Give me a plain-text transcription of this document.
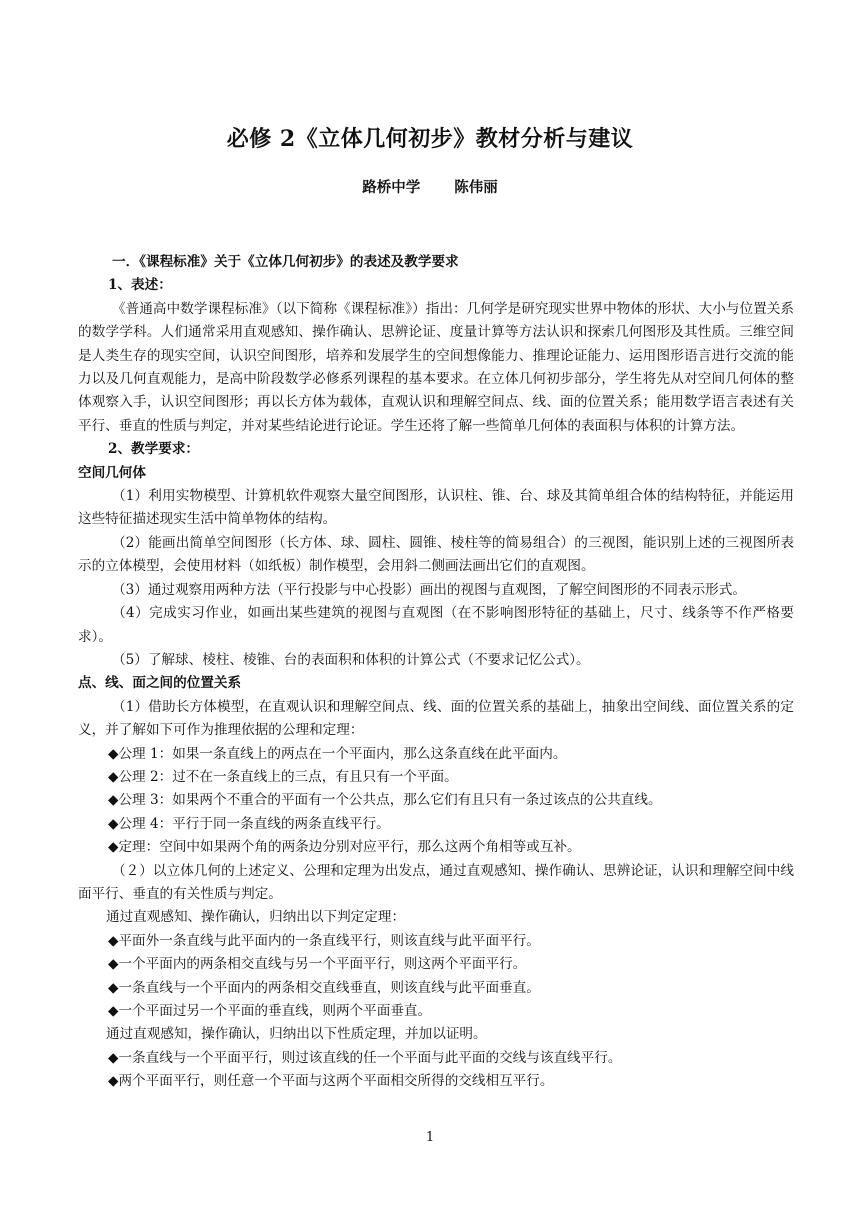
必修 2《立体几何初步》教材分析与建议
路桥中学 陈伟丽

一．《课程标准》关于《立体几何初步》的表述及教学要求

1、表述：

《普通高中数学课程标准》（以下简称《课程标准》）指出：几何学是研究现实世界中物体的形状、大小与位置关系的数学学科。人们通常采用直观感知、操作确认、思辨论证、度量计算等方法认识和探索几何图形及其性质。三维空间是人类生存的现实空间，认识空间图形，培养和发展学生的空间想像能力、推理论证能力、运用图形语言进行交流的能力以及几何直观能力，是高中阶段数学必修系列课程的基本要求。在立体几何初步部分，学生将先从对空间几何体的整体观察入手，认识空间图形；再以长方体为载体，直观认识和理解空间点、线、面的位置关系；能用数学语言表述有关平行、垂直的性质与判定，并对某些结论进行论证。学生还将了解一些简单几何体的表面积与体积的计算方法。

2、教学要求：

空间几何体

（1）利用实物模型、计算机软件观察大量空间图形，认识柱、锥、台、球及其简单组合体的结构特征，并能运用这些特征描述现实生活中简单物体的结构。

（2）能画出简单空间图形（长方体、球、圆柱、圆锥、棱柱等的简易组合）的三视图，能识别上述的三视图所表示的立体模型，会使用材料（如纸板）制作模型，会用斜二侧画法画出它们的直观图。

（3）通过观察用两种方法（平行投影与中心投影）画出的视图与直观图，了解空间图形的不同表示形式。

（4）完成实习作业，如画出某些建筑的视图与直观图（在不影响图形特征的基础上，尺寸、线条等不作严格要求）。

（5）了解球、棱柱、棱锥、台的表面积和体积的计算公式（不要求记忆公式）。

点、线、面之间的位置关系

（1）借助长方体模型，在直观认识和理解空间点、线、面的位置关系的基础上，抽象出空间线、面位置关系的定义，并了解如下可作为推理依据的公理和定理：

◆公理 1：如果一条直线上的两点在一个平面内，那么这条直线在此平面内。

◆公理 2：过不在一条直线上的三点，有且只有一个平面。

◆公理 3：如果两个不重合的平面有一个公共点，那么它们有且只有一条过该点的公共直线。

◆公理 4：平行于同一条直线的两条直线平行。

◆定理：空间中如果两个角的两条边分别对应平行，那么这两个角相等或互补。

（２）以立体几何的上述定义、公理和定理为出发点，通过直观感知、操作确认、思辨论证，认识和理解空间中线面平行、垂直的有关性质与判定。

通过直观感知、操作确认，归纳出以下判定定理：

◆平面外一条直线与此平面内的一条直线平行，则该直线与此平面平行。

◆一个平面内的两条相交直线与另一个平面平行，则这两个平面平行。

◆一条直线与一个平面内的两条相交直线垂直，则该直线与此平面垂直。

◆一个平面过另一个平面的垂直线，则两个平面垂直。

通过直观感知，操作确认，归纳出以下性质定理，并加以证明。

◆一条直线与一个平面平行，则过该直线的任一个平面与此平面的交线与该直线平行。

◆两个平面平行，则任意一个平面与这两个平面相交所得的交线相互平行。

1
